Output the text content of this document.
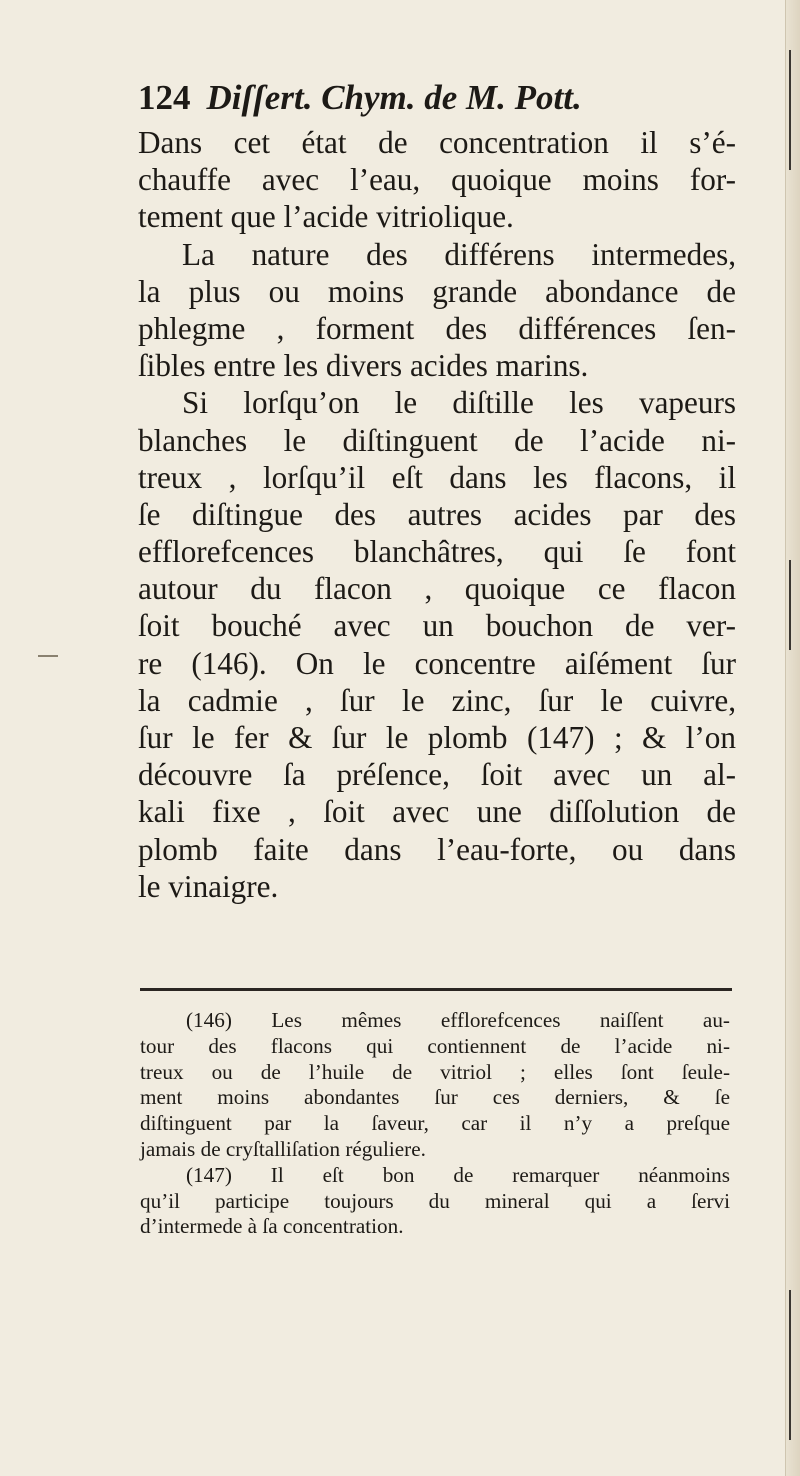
124 Diſſert. Chym. de M. Pott.
Dans cet état de concentration il s’é-
chauffe avec l’eau, quoique moins for-
tement que l’acide vitriolique.
La nature des différens intermedes,
la plus ou moins grande abondance de
phlegme , forment des différences ſen-
ſibles entre les divers acides marins.
Si lorſqu’on le diſtille les vapeurs
blanches le diſtinguent de l’acide ni-
treux , lorſqu’il eſt dans les flacons, il
ſe diſtingue des autres acides par des
efflorefcences blanchâtres, qui ſe font
autour du flacon , quoique ce flacon
ſoit bouché avec un bouchon de ver-
re (146). On le concentre aiſément ſur
la cadmie , ſur le zinc, ſur le cuivre,
ſur le fer & ſur le plomb (147) ; & l’on
découvre ſa préſence, ſoit avec un al-
kali fixe , ſoit avec une diſſolution de
plomb faite dans l’eau-forte, ou dans
le vinaigre.
(146) Les mêmes efflorefcences naiſſent au-
tour des flacons qui contiennent de l’acide ni-
treux ou de l’huile de vitriol ; elles ſont ſeule-
ment moins abondantes ſur ces derniers, & ſe
diſtinguent par la ſaveur, car il n’y a preſque
jamais de cryſtalliſation réguliere.
(147) Il eſt bon de remarquer néanmoins
qu’il participe toujours du mineral qui a ſervi
d’intermede à ſa concentration.
